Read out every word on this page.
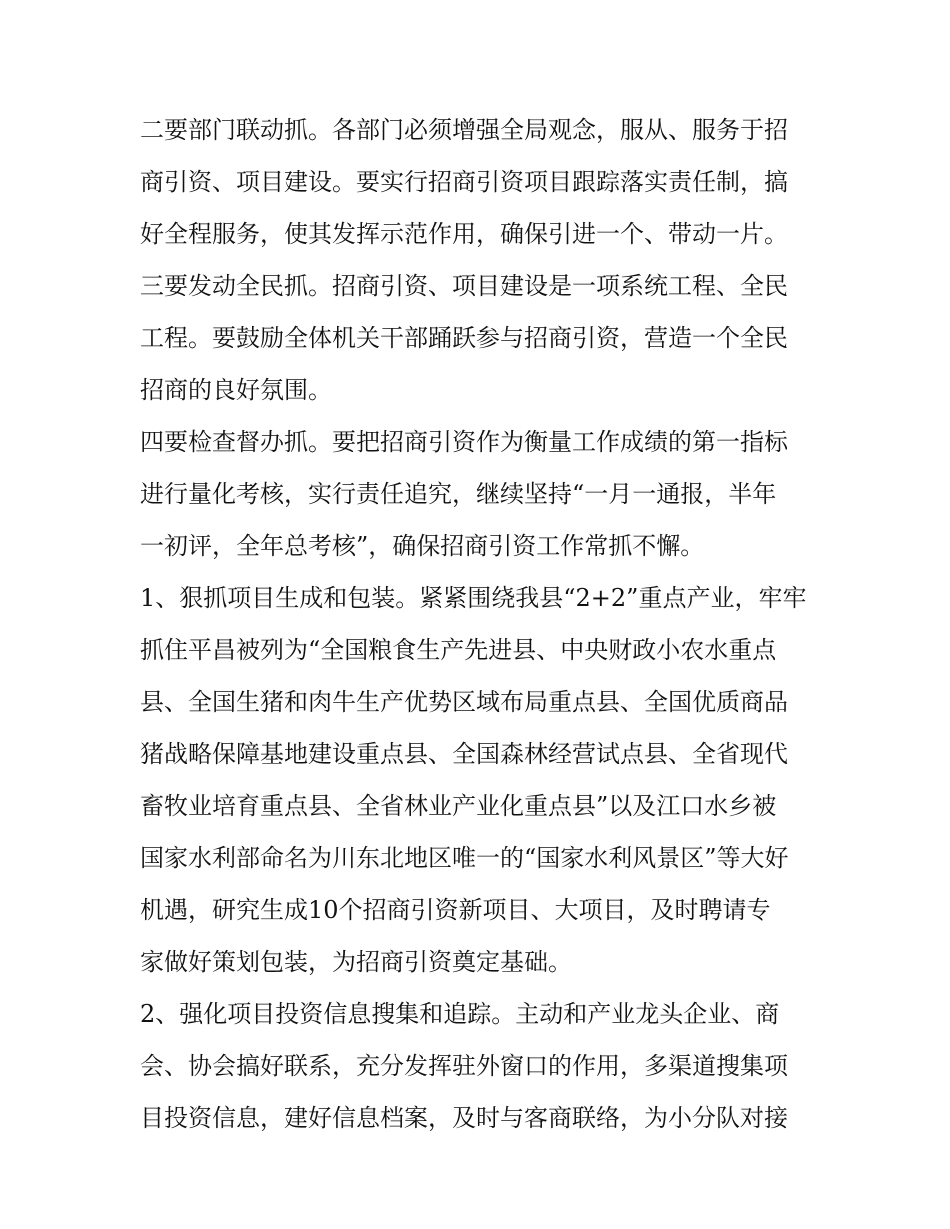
二要部门联动抓。各部门必须增强全局观念，服从、服务于招
商引资、项目建设。要实行招商引资项目跟踪落实责任制，搞
好全程服务，使其发挥示范作用，确保引进一个、带动一片。
三要发动全民抓。招商引资、项目建设是一项系统工程、全民
工程。要鼓励全体机关干部踊跃参与招商引资，营造一个全民
招商的良好氛围。
四要检查督办抓。要把招商引资作为衡量工作成绩的第一指标
进行量化考核，实行责任追究，继续坚持“一月一通报，半年
一初评，全年总考核”，确保招商引资工作常抓不懈。
1、狠抓项目生成和包装。紧紧围绕我县“2+2”重点产业，牢牢
抓住平昌被列为“全国粮食生产先进县、中央财政小农水重点
县、全国生猪和肉牛生产优势区域布局重点县、全国优质商品
猪战略保障基地建设重点县、全国森林经营试点县、全省现代
畜牧业培育重点县、全省林业产业化重点县”以及江口水乡被
国家水利部命名为川东北地区唯一的“国家水利风景区”等大好
机遇，研究生成10个招商引资新项目、大项目，及时聘请专
家做好策划包装，为招商引资奠定基础。
2、强化项目投资信息搜集和追踪。主动和产业龙头企业、商
会、协会搞好联系，充分发挥驻外窗口的作用，多渠道搜集项
目投资信息，建好信息档案，及时与客商联络，为小分队对接
